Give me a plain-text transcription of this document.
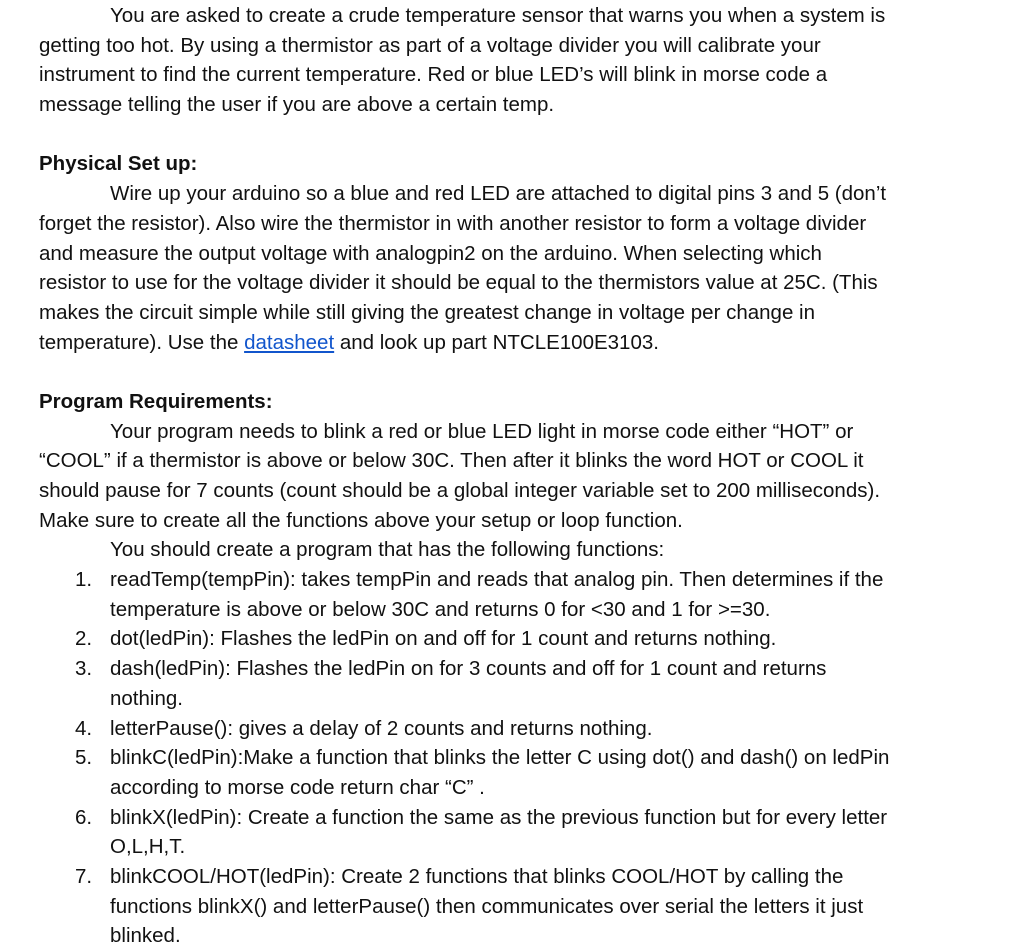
You are asked to create a crude temperature sensor that warns you when a system is
getting too hot. By using a thermistor as part of a voltage divider you will calibrate your
instrument to find the current temperature. Red or blue LED’s will blink in morse code a
message telling the user if you are above a certain temp.
Physical Set up:
Wire up your arduino so a blue and red LED are attached to digital pins 3 and 5 (don’t
forget the resistor). Also wire the thermistor in with another resistor to form a voltage divider
and measure the output voltage with analogpin2 on the arduino. When selecting which
resistor to use for the voltage divider it should be equal to the thermistors value at 25C. (This
makes the circuit simple while still giving the greatest change in voltage per change in
temperature). Use the datasheet and look up part NTCLE100E3103.
Program Requirements:
Your program needs to blink a red or blue LED light in morse code either “HOT” or
“COOL” if a thermistor is above or below 30C. Then after it blinks the word HOT or COOL it
should pause for 7 counts (count should be a global integer variable set to 200 milliseconds).
Make sure to create all the functions above your setup or loop function.
You should create a program that has the following functions:
1. readTemp(tempPin): takes tempPin and reads that analog pin. Then determines if the
temperature is above or below 30C and returns 0 for <30 and 1 for >=30.
2. dot(ledPin): Flashes the ledPin on and off for 1 count and returns nothing.
3. dash(ledPin): Flashes the ledPin on for 3 counts and off for 1 count and returns
nothing.
4. letterPause(): gives a delay of 2 counts and returns nothing.
5. blinkC(ledPin):Make a function that blinks the letter C using dot() and dash() on ledPin
according to morse code return char “C” .
6. blinkX(ledPin): Create a function the same as the previous function but for every letter
O,L,H,T.
7. blinkCOOL/HOT(ledPin): Create 2 functions that blinks COOL/HOT by calling the
functions blinkX() and letterPause() then communicates over serial the letters it just
blinked.
